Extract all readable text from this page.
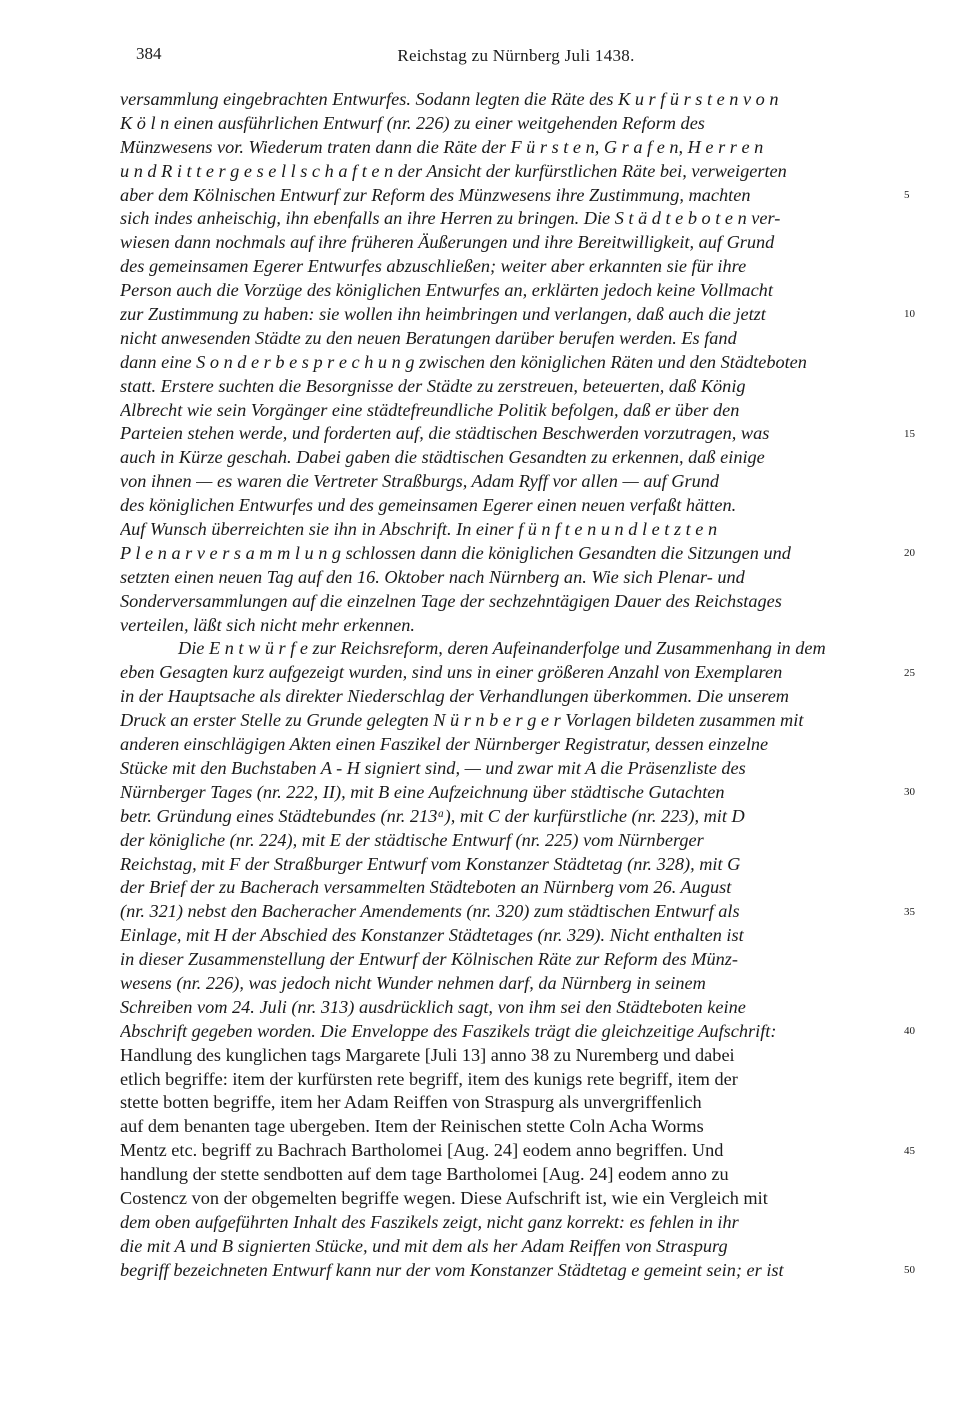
384	Reichstag zu Nürnberg Juli 1438.
versammlung eingebrachten Entwurfes. Sodann legten die Räte des K u r f ü r s t e n v o n
K ö l n einen ausführlichen Entwurf (nr. 226) zu einer weitgehenden Reform des
Münzwesens vor. Wiederum traten dann die Räte der F ü r s t e n, G r a f e n, H e r r e n
u n d R i t t e r g e s e l l s c h a f t e n der Ansicht der kurfürstlichen Räte bei, verweigerten
aber dem Kölnischen Entwurf zur Reform des Münzwesens ihre Zustimmung, machten
sich indes anheischig, ihn ebenfalls an ihre Herren zu bringen. Die S t ä d t e b o t e n ver-
wiesen dann nochmals auf ihre früheren Äußerungen und ihre Bereitwilligkeit, auf Grund
des gemeinsamen Egerer Entwurfes abzuschließen; weiter aber erkannten sie für ihre
Person auch die Vorzüge des königlichen Entwurfes an, erklärten jedoch keine Vollmacht
zur Zustimmung zu haben: sie wollen ihn heimbringen und verlangen, daß auch die jetzt
nicht anwesenden Städte zu den neuen Beratungen darüber berufen werden. Es fand
dann eine S o n d e r b e s p r e c h u n g zwischen den königlichen Räten und den Städteboten
statt. Erstere suchten die Besorgnisse der Städte zu zerstreuen, beteuerten, daß König
Albrecht wie sein Vorgänger eine städtefreundliche Politik befolgen, daß er über den
Parteien stehen werde, und forderten auf, die städtischen Beschwerden vorzutragen, was
auch in Kürze geschah. Dabei gaben die städtischen Gesandten zu erkennen, daß einige
von ihnen — es waren die Vertreter Straßburgs, Adam Ryff vor allen — auf Grund
des königlichen Entwurfes und des gemeinsamen Egerer einen neuen verfaßt hätten.
Auf Wunsch überreichten sie ihn in Abschrift. In einer f ü n f t e n u n d l e t z t e n
P l e n a r v e r s a m m l u n g schlossen dann die königlichen Gesandten die Sitzungen und
setzten einen neuen Tag auf den 16. Oktober nach Nürnberg an. Wie sich Plenar- und
Sonderversammlungen auf die einzelnen Tage der sechzehntägigen Dauer des Reichstages
verteilen, läßt sich nicht mehr erkennen.
Die E n t w ü r f e zur Reichsreform, deren Aufeinanderfolge und Zusammenhang in dem
eben Gesagten kurz aufgezeigt wurden, sind uns in einer größeren Anzahl von Exemplaren
in der Hauptsache als direkter Niederschlag der Verhandlungen überkommen. Die unserem
Druck an erster Stelle zu Grunde gelegten N ü r n b e r g e r Vorlagen bildeten zusammen mit
anderen einschlägigen Akten einen Faszikel der Nürnberger Registratur, dessen einzelne
Stücke mit den Buchstaben A - H signiert sind, — und zwar mit A die Präsenzliste des
Nürnberger Tages (nr. 222, II), mit B eine Aufzeichnung über städtische Gutachten
betr. Gründung eines Städtebundes (nr. 213ᵃ), mit C der kurfürstliche (nr. 223), mit D
der königliche (nr. 224), mit E der städtische Entwurf (nr. 225) vom Nürnberger
Reichstag, mit F der Straßburger Entwurf vom Konstanzer Städtetag (nr. 328), mit G
der Brief der zu Bacherach versammelten Städteboten an Nürnberg vom 26. August
(nr. 321) nebst den Bacheracher Amendements (nr. 320) zum städtischen Entwurf als
Einlage, mit H der Abschied des Konstanzer Städtetages (nr. 329). Nicht enthalten ist
in dieser Zusammenstellung der Entwurf der Kölnischen Räte zur Reform des Münz-
wesens (nr. 226), was jedoch nicht Wunder nehmen darf, da Nürnberg in seinem
Schreiben vom 24. Juli (nr. 313) ausdrücklich sagt, von ihm sei den Städteboten keine
Abschrift gegeben worden. Die Enveloppe des Faszikels trägt die gleichzeitige Aufschrift:
Handlung des kunglichen tags Margarete [Juli 13] anno 38 zu Nuremberg und dabei
etlich begriffe: item der kurfürsten rete begriff, item des kunigs rete begriff, item der
stette botten begriffe, item her Adam Reiffen von Straspurg als unvergriffenlich
auf dem benanten tage ubergeben. Item der Reinischen stette Coln Acha Worms
Mentz etc. begriff zu Bachrach Bartholomei [Aug. 24] eodem anno begriffen. Und
handlung der stette sendbotten auf dem tage Bartholomei [Aug. 24] eodem anno zu
Costencz von der obgemelten begriffe wegen. Diese Aufschrift ist, wie ein Vergleich mit
dem oben aufgeführten Inhalt des Faszikels zeigt, nicht ganz korrekt: es fehlen in ihr
die mit A und B signierten Stücke, und mit dem als her Adam Reiffen von Straspurg
begriff bezeichneten Entwurf kann nur der vom Konstanzer Städtetag e gemeint sein; er ist
5
10
15
20
25
30
35
40
45
50
